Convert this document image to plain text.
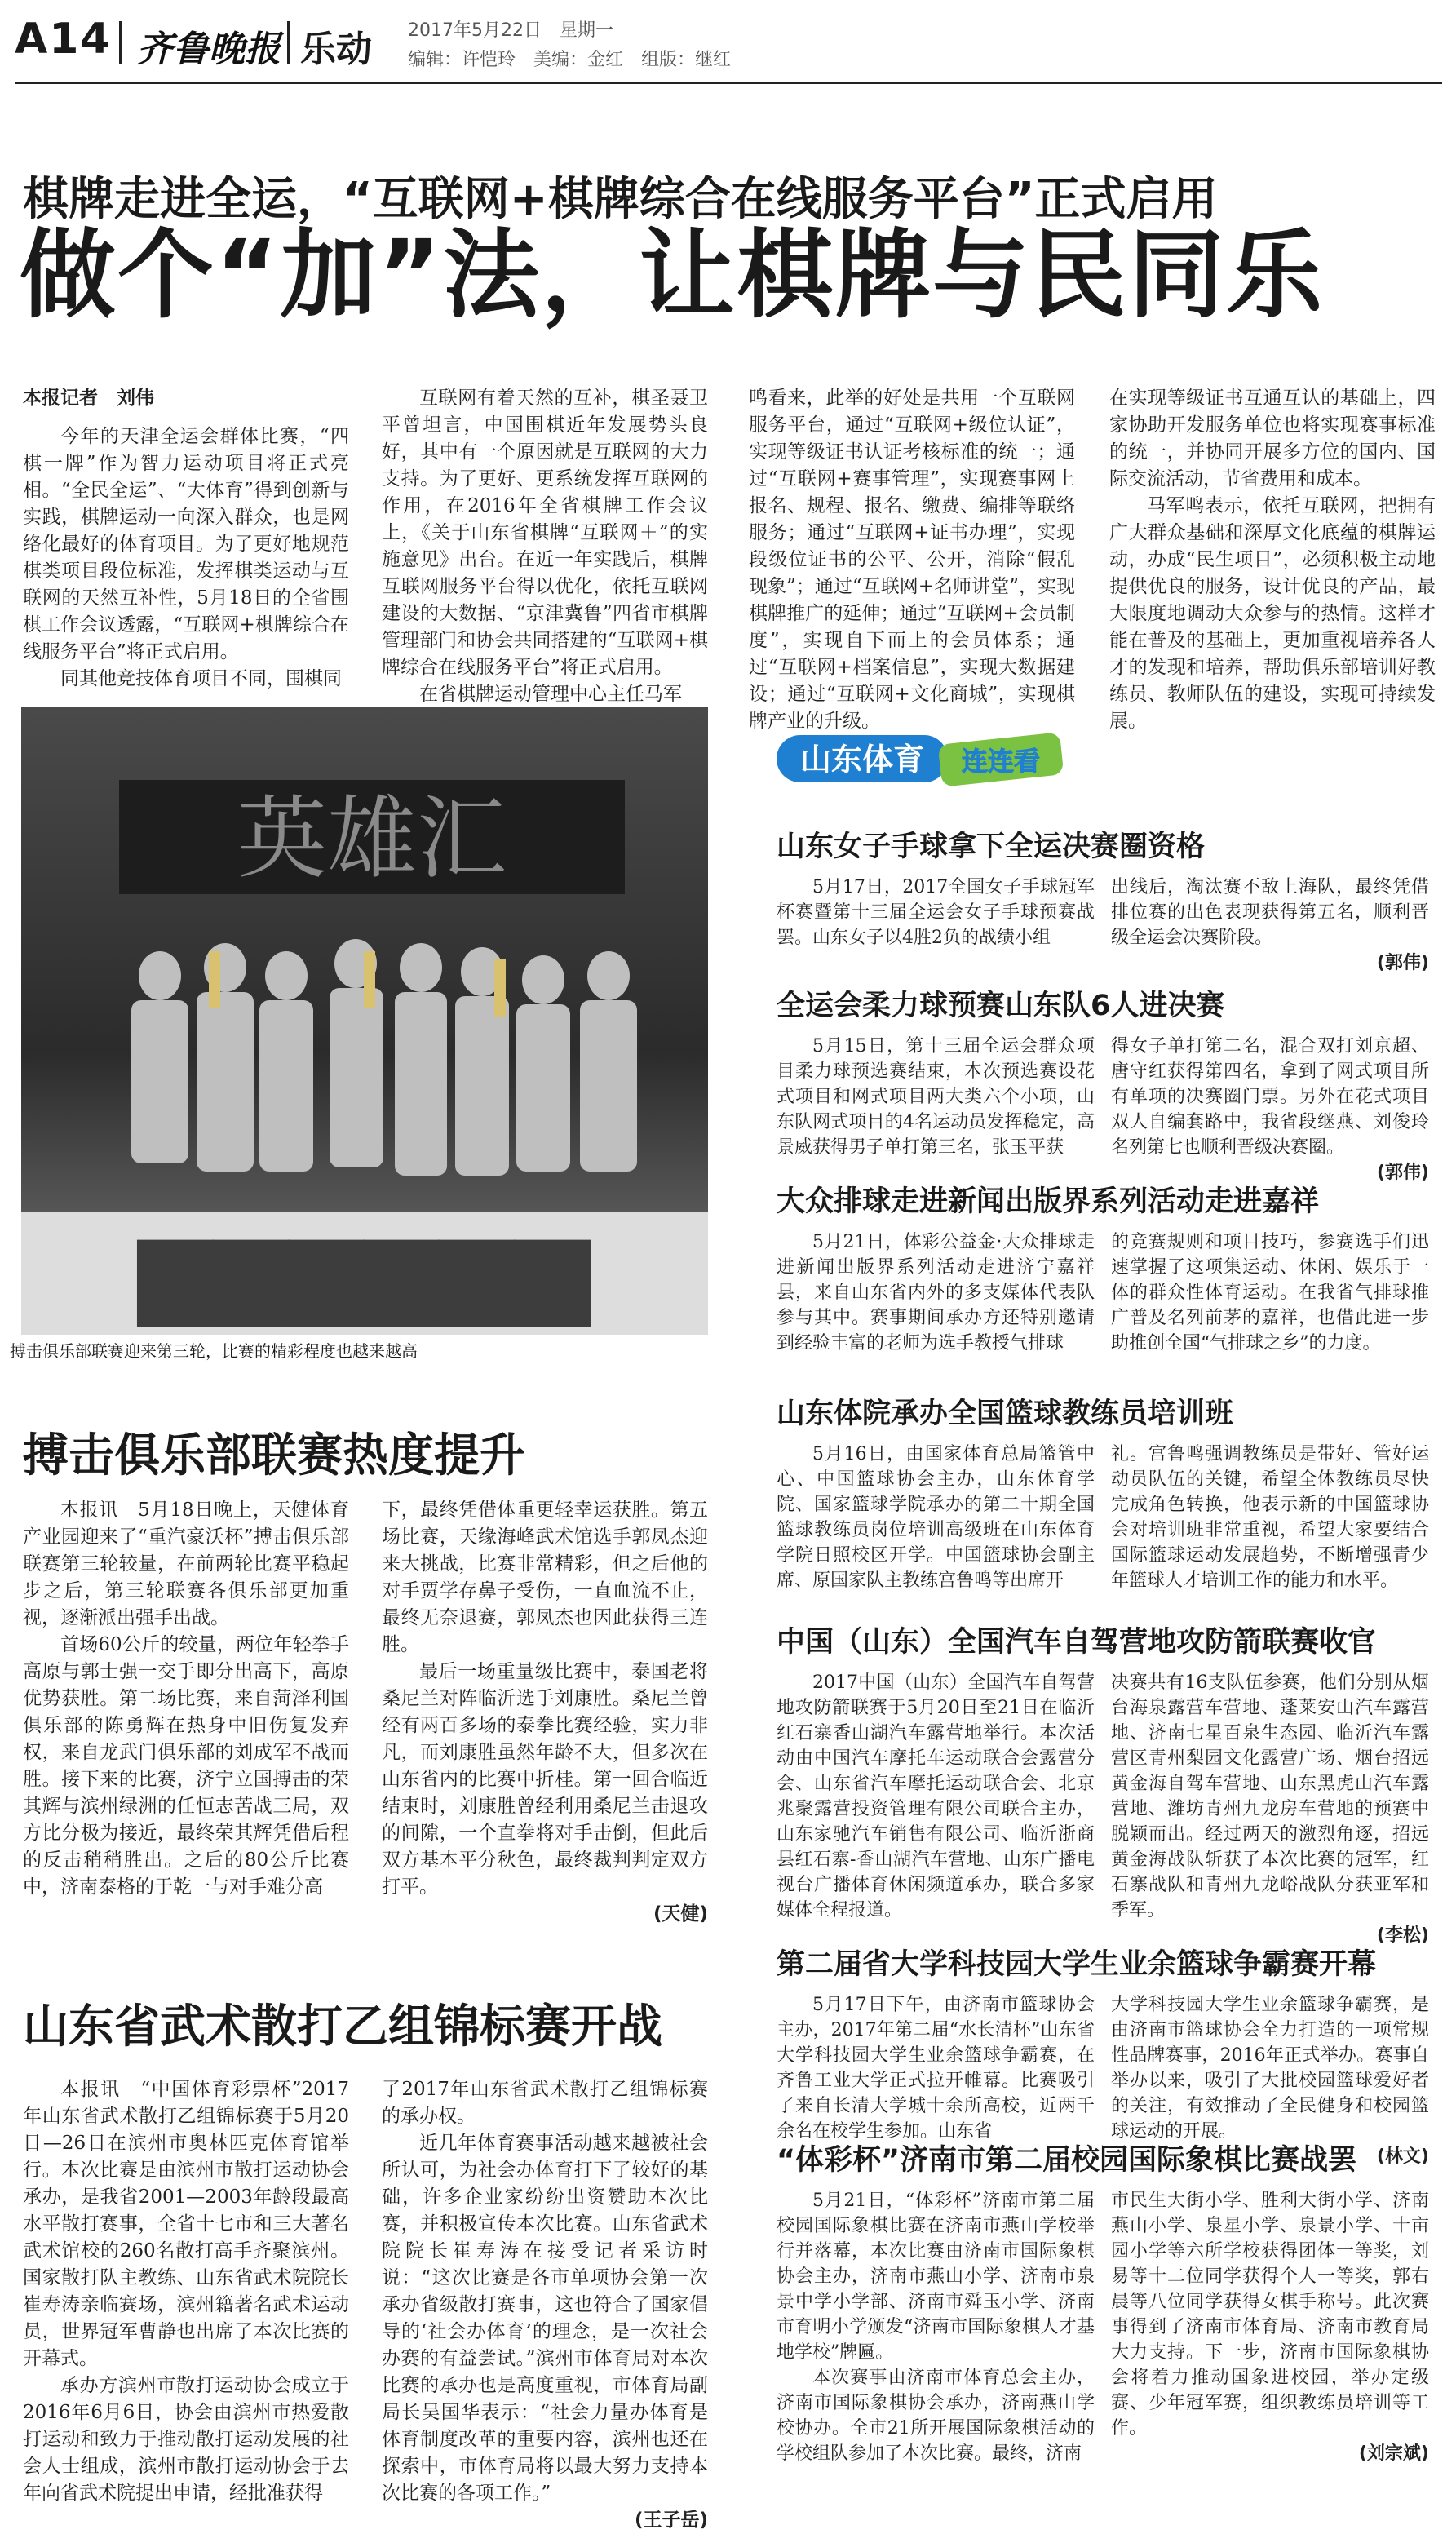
A14 齐鲁晚报 乐动 2017年5月22日　星期一
编辑：许恺玲　美编：金红　组版：继红
棋牌走进全运，“互联网+棋牌综合在线服务平台”正式启用
做个“加”法，让棋牌与民同乐
本报记者　刘伟

今年的天津全运会群体比赛，“四棋一牌”作为智力运动项目将正式亮相。“全民全运”、“大体育”得到创新与实践，棋牌运动一向深入群众，也是网络化最好的体育项目。为了更好地规范棋类项目段位标准，发挥棋类运动与互联网的天然互补性，5月18日的全省围棋工作会议透露，“互联网+棋牌综合在线服务平台”将正式启用。

同其他竞技体育项目不同，围棋同

互联网有着天然的互补，棋圣聂卫平曾坦言，中国围棋近年发展势头良好，其中有一个原因就是互联网的大力支持。为了更好、更系统发挥互联网的作用，在2016年全省棋牌工作会议上，《关于山东省棋牌“互联网＋”的实施意见》出台。在近一年实践后，棋牌互联网服务平台得以优化，依托互联网建设的大数据、“京津冀鲁”四省市棋牌管理部门和协会共同搭建的“互联网+棋牌综合在线服务平台”将正式启用。

在省棋牌运动管理中心主任马军

鸣看来，此举的好处是共用一个互联网服务平台，通过“互联网+级位认证”，实现等级证书认证考核标准的统一；通过“互联网+赛事管理”，实现赛事网上报名、规程、报名、缴费、编排等联络服务；通过“互联网+证书办理”，实现段级位证书的公平、公开，消除“假乱现象”；通过“互联网+名师讲堂”，实现棋牌推广的延伸；通过“互联网+会员制度”，实现自下而上的会员体系；通过“互联网+档案信息”，实现大数据建设；通过“互联网+文化商城”，实现棋牌产业的升级。

在实现等级证书互通互认的基础上，四家协助开发服务单位也将实现赛事标准的统一，并协同开展多方位的国内、国际交流活动，节省费用和成本。

马军鸣表示，依托互联网，把拥有广大群众基础和深厚文化底蕴的棋牌运动，办成“民生项目”，必须积极主动地提供优良的服务，设计优良的产品，最大限度地调动大众参与的热情。这样才能在普及的基础上，更加重视培养各人才的发现和培养，帮助俱乐部培训好教练员、教师队伍的建设，实现可持续发展。

英雄汇
▆▆▆▆▆▆
搏击俱乐部联赛迎来第三轮，比赛的精彩程度也越来越高
搏击俱乐部联赛热度提升

本报讯　5月18日晚上，天健体育产业园迎来了“重汽豪沃杯”搏击俱乐部联赛第三轮较量，在前两轮比赛平稳起步之后，第三轮联赛各俱乐部更加重视，逐渐派出强手出战。

首场60公斤的较量，两位年轻拳手高原与郭士强一交手即分出高下，高原优势获胜。第二场比赛，来自菏泽利国俱乐部的陈勇辉在热身中旧伤复发弃权，来自龙武门俱乐部的刘成军不战而胜。接下来的比赛，济宁立国搏击的荣其辉与滨州绿洲的任恒志苦战三局，双方比分极为接近，最终荣其辉凭借后程的反击稍稍胜出。之后的80公斤比赛中，济南泰格的于乾一与对手难分高

下，最终凭借体重更轻幸运获胜。第五场比赛，天缘海峰武术馆选手郭凤杰迎来大挑战，比赛非常精彩，但之后他的对手贾学存鼻子受伤，一直血流不止，最终无奈退赛，郭凤杰也因此获得三连胜。

最后一场重量级比赛中，泰国老将桑尼兰对阵临沂选手刘康胜。桑尼兰曾经有两百多场的泰拳比赛经验，实力非凡，而刘康胜虽然年龄不大，但多次在山东省内的比赛中折桂。第一回合临近结束时，刘康胜曾经利用桑尼兰击退攻的间隙，一个直拳将对手击倒，但此后双方基本平分秋色，最终裁判判定双方打平。

(天健)
山东省武术散打乙组锦标赛开战

本报讯　“中国体育彩票杯”2017年山东省武术散打乙组锦标赛于5月20日—26日在滨州市奥林匹克体育馆举行。本次比赛是由滨州市散打运动协会承办，是我省2001—2003年龄段最高水平散打赛事，全省十七市和三大著名武术馆校的260名散打高手齐聚滨州。国家散打队主教练、山东省武术院院长崔寿涛亲临赛场，滨州籍著名武术运动员，世界冠军曹静也出席了本次比赛的开幕式。

承办方滨州市散打运动协会成立于2016年6月6日，协会由滨州市热爱散打运动和致力于推动散打运动发展的社会人士组成，滨州市散打运动协会于去年向省武术院提出申请，经批准获得

了2017年山东省武术散打乙组锦标赛的承办权。

近几年体育赛事活动越来越被社会所认可，为社会办体育打下了较好的基础，许多企业家纷纷出资赞助本次比赛，并积极宣传本次比赛。山东省武术院院长崔寿涛在接受记者采访时说：“这次比赛是各市单项协会第一次承办省级散打赛事，这也符合了国家倡导的‘社会办体育’的理念，是一次社会办赛的有益尝试。”滨州市体育局对本次比赛的承办也是高度重视，市体育局副局长吴国华表示：“社会力量办体育是体育制度改革的重要内容，滨州也还在探索中，市体育局将以最大努力支持本次比赛的各项工作。”

(王子岳)
山东体育 连连看
山东女子手球拿下全运决赛圈资格

5月17日，2017全国女子手球冠军杯赛暨第十三届全运会女子手球预赛战罢。山东女子以4胜2负的战绩小组

出线后，淘汰赛不敌上海队，最终凭借排位赛的出色表现获得第五名，顺利晋级全运会决赛阶段。

(郭伟)
全运会柔力球预赛山东队6人进决赛

5月15日，第十三届全运会群众项目柔力球预选赛结束，本次预选赛设花式项目和网式项目两大类六个小项，山东队网式项目的4名运动员发挥稳定，高景威获得男子单打第三名，张玉平获

得女子单打第二名，混合双打刘京超、唐守红获得第四名，拿到了网式项目所有单项的决赛圈门票。另外在花式项目双人自编套路中，我省段继燕、刘俊玲名列第七也顺利晋级决赛圈。

(郭伟)
大众排球走进新闻出版界系列活动走进嘉祥

5月21日，体彩公益金·大众排球走进新闻出版界系列活动走进济宁嘉祥县，来自山东省内外的多支媒体代表队参与其中。赛事期间承办方还特别邀请到经验丰富的老师为选手教授气排球

的竞赛规则和项目技巧，参赛选手们迅速掌握了这项集运动、休闲、娱乐于一体的群众性体育运动。在我省气排球推广普及名列前茅的嘉祥，也借此进一步助推创全国“气排球之乡”的力度。

山东体院承办全国篮球教练员培训班

5月16日，由国家体育总局篮管中心、中国篮球协会主办，山东体育学院、国家篮球学院承办的第二十期全国篮球教练员岗位培训高级班在山东体育学院日照校区开学。中国篮球协会副主席、原国家队主教练宫鲁鸣等出席开

礼。宫鲁鸣强调教练员是带好、管好运动员队伍的关键，希望全体教练员尽快完成角色转换，他表示新的中国篮球协会对培训班非常重视，希望大家要结合国际篮球运动发展趋势，不断增强青少年篮球人才培训工作的能力和水平。

中国（山东）全国汽车自驾营地攻防箭联赛收官

2017中国（山东）全国汽车自驾营地攻防箭联赛于5月20日至21日在临沂红石寨香山湖汽车露营地举行。本次活动由中国汽车摩托车运动联合会露营分会、山东省汽车摩托运动联合会、北京兆聚露营投资管理有限公司联合主办，山东家驰汽车销售有限公司、临沂浙商县红石寨-香山湖汽车营地、山东广播电视台广播体育休闲频道承办，联合多家媒体全程报道。

决赛共有16支队伍参赛，他们分别从烟台海泉露营车营地、蓬莱安山汽车露营地、济南七星百泉生态园、临沂汽车露营区青州梨园文化露营广场、烟台招远黄金海自驾车营地、山东黑虎山汽车露营地、潍坊青州九龙房车营地的预赛中脱颖而出。经过两天的激烈角逐，招远黄金海战队斩获了本次比赛的冠军，红石寨战队和青州九龙峪战队分获亚军和季军。

(李松)
第二届省大学科技园大学生业余篮球争霸赛开幕

5月17日下午，由济南市篮球协会主办，2017年第二届“水长清杯”山东省大学科技园大学生业余篮球争霸赛，在齐鲁工业大学正式拉开帷幕。比赛吸引了来自长清大学城十余所高校，近两千余名在校学生参加。山东省

大学科技园大学生业余篮球争霸赛，是由济南市篮球协会全力打造的一项常规性品牌赛事，2016年正式举办。赛事自举办以来，吸引了大批校园篮球爱好者的关注，有效推动了全民健身和校园篮球运动的开展。

(林文)
“体彩杯”济南市第二届校园国际象棋比赛战罢

5月21日，“体彩杯”济南市第二届校园国际象棋比赛在济南市燕山学校举行并落幕，本次比赛由济南市国际象棋协会主办，济南市燕山小学、济南市泉景中学小学部、济南市舜玉小学、济南市育明小学颁发“济南市国际象棋人才基地学校”牌匾。

本次赛事由济南市体育总会主办，济南市国际象棋协会承办，济南燕山学校协办。全市21所开展国际象棋活动的学校组队参加了本次比赛。最终，济南

市民生大街小学、胜利大街小学、济南燕山小学、泉星小学、泉景小学、十亩园小学等六所学校获得团体一等奖，刘易等十二位同学获得个人一等奖，郭右晨等八位同学获得女棋手称号。此次赛事得到了济南市体育局、济南市教育局大力支持。下一步，济南市国际象棋协会将着力推动国象进校园，举办定级赛、少年冠军赛，组织教练员培训等工作。

(刘宗斌)
